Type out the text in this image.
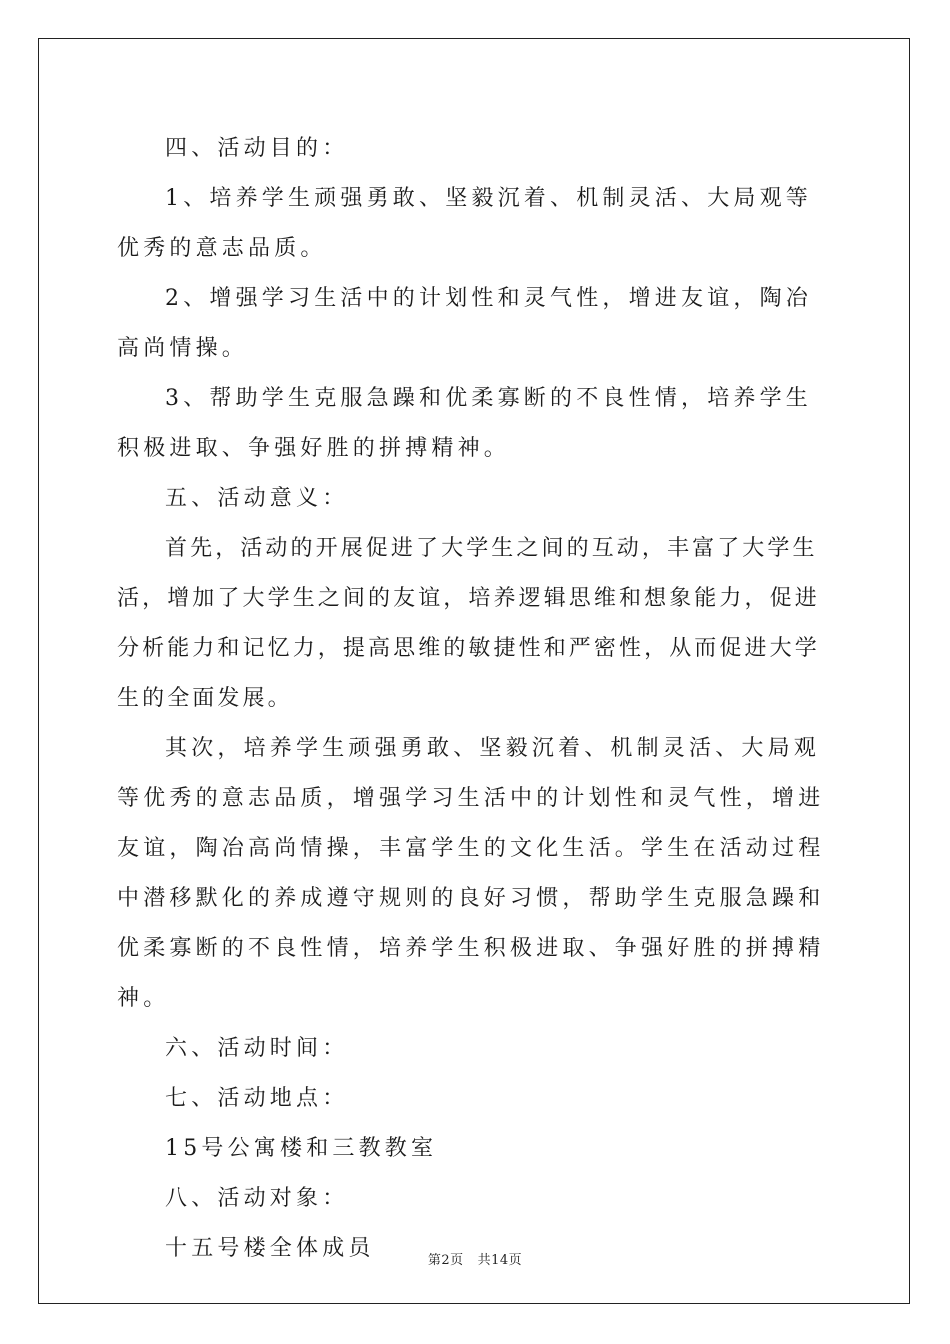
四、活动目的：

1、培养学生顽强勇敢、坚毅沉着、机制灵活、大局观等优秀的意志品质。

2、增强学习生活中的计划性和灵气性，增进友谊，陶冶高尚情操。

3、帮助学生克服急躁和优柔寡断的不良性情，培养学生积极进取、争强好胜的拼搏精神。

五、活动意义：

首先，活动的开展促进了大学生之间的互动，丰富了大学生活，增加了大学生之间的友谊，培养逻辑思维和想象能力，促进分析能力和记忆力，提高思维的敏捷性和严密性，从而促进大学生的全面发展。

其次，培养学生顽强勇敢、坚毅沉着、机制灵活、大局观等优秀的意志品质，增强学习生活中的计划性和灵气性，增进友谊，陶冶高尚情操，丰富学生的文化生活。学生在活动过程中潜移默化的养成遵守规则的良好习惯，帮助学生克服急躁和优柔寡断的不良性情，培养学生积极进取、争强好胜的拼搏精神。

六、活动时间：

七、活动地点：

15号公寓楼和三教教室

八、活动对象：

十五号楼全体成员	第2页 共14页
